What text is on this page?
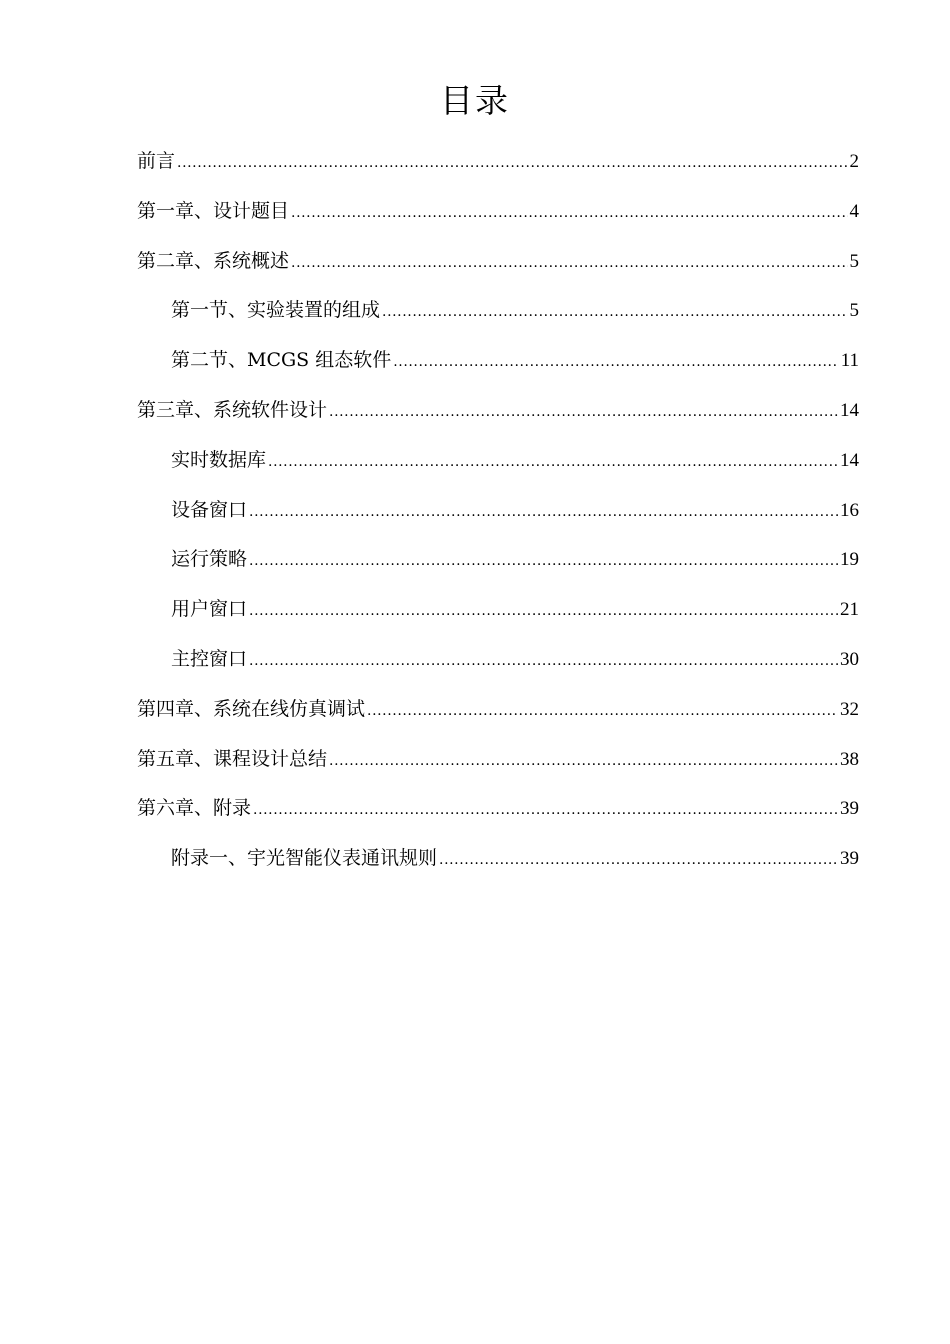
目录
前言 .....	2
第一章、设计题目 .....	4
第二章、系统概述 .....	5
第一节、实验装置的组成 .....	5
第二节、MCGS 组态软件 .....	11
第三章、系统软件设计 .....	14
实时数据库 .....	14
设备窗口 .....	16
运行策略 .....	19
用户窗口 .....	21
主控窗口 .....	30
第四章、系统在线仿真调试 .....	32
第五章、课程设计总结 .....	38
第六章、附录 .....	39
附录一、宇光智能仪表通讯规则 .....	39
